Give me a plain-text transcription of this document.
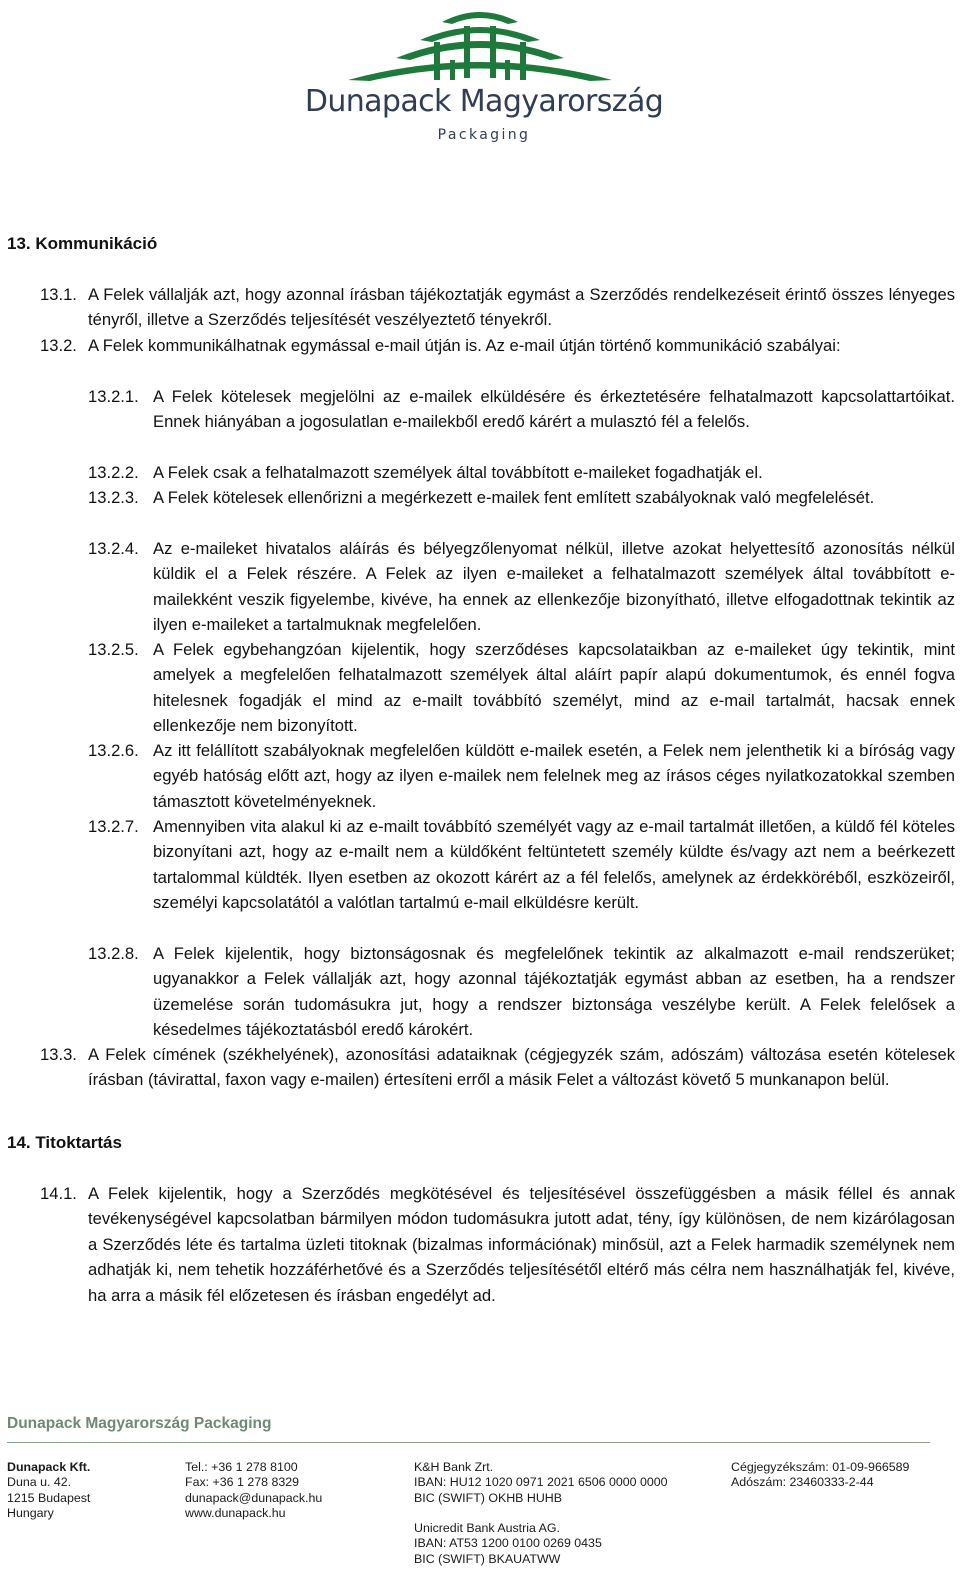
Dunapack Magyarország
Packaging
13. Kommunikáció
13.1. A Felek vállalják azt, hogy azonnal írásban tájékoztatják egymást a Szerződés rendelkezéseit érintő összes lényeges tényről, illetve a Szerződés teljesítését veszélyeztető tényekről.
13.2. A Felek kommunikálhatnak egymással e-mail útján is. Az e-mail útján történő kommunikáció szabályai:
13.2.1. A Felek kötelesek megjelölni az e-mailek elküldésére és érkeztetésére felhatalmazott kapcsolattartóikat. Ennek hiányában a jogosulatlan e-mailekből eredő kárért a mulasztó fél a felelős.
13.2.2. A Felek csak a felhatalmazott személyek által továbbított e-maileket fogadhatják el.
13.2.3. A Felek kötelesek ellenőrizni a megérkezett e-mailek fent említett szabályoknak való megfelelését.
13.2.4. Az e-maileket hivatalos aláírás és bélyegzőlenyomat nélkül, illetve azokat helyettesítő azonosítás nélkül küldik el a Felek részére. A Felek az ilyen e-maileket a felhatalmazott személyek által továbbított e-mailekként veszik figyelembe, kivéve, ha ennek az ellenkezője bizonyítható, illetve elfogadottnak tekintik az ilyen e-maileket a tartalmuknak megfelelően.
13.2.5. A Felek egybehangzóan kijelentik, hogy szerződéses kapcsolataikban az e-maileket úgy tekintik, mint amelyek a megfelelően felhatalmazott személyek által aláírt papír alapú dokumentumok, és ennél fogva hitelesnek fogadják el mind az e-mailt továbbító személyt, mind az e-mail tartalmát, hacsak ennek ellenkezője nem bizonyított.
13.2.6. Az itt felállított szabályoknak megfelelően küldött e-mailek esetén, a Felek nem jelenthetik ki a bíróság vagy egyéb hatóság előtt azt, hogy az ilyen e-mailek nem felelnek meg az írásos céges nyilatkozatokkal szemben támasztott követelményeknek.
13.2.7. Amennyiben vita alakul ki az e-mailt továbbító személyét vagy az e-mail tartalmát illetően, a küldő fél köteles bizonyítani azt, hogy az e-mailt nem a küldőként feltüntetett személy küldte és/vagy azt nem a beérkezett tartalommal küldték. Ilyen esetben az okozott kárért az a fél felelős, amelynek az érdekköréből, eszközeiről, személyi kapcsolatától a valótlan tartalmú e-mail elküldésre került.
13.2.8. A Felek kijelentik, hogy biztonságosnak és megfelelőnek tekintik az alkalmazott e-mail rendszerüket; ugyanakkor a Felek vállalják azt, hogy azonnal tájékoztatják egymást abban az esetben, ha a rendszer üzemelése során tudomásukra jut, hogy a rendszer biztonsága veszélybe került. A Felek felelősek a késedelmes tájékoztatásból eredő károkért.
13.3. A Felek címének (székhelyének), azonosítási adataiknak (cégjegyzék szám, adószám) változása esetén kötelesek írásban (távirattal, faxon vagy e-mailen) értesíteni erről a másik Felet a változást követő 5 munkanapon belül.
14. Titoktartás
14.1. A Felek kijelentik, hogy a Szerződés megkötésével és teljesítésével összefüggésben a másik féllel és annak tevékenységével kapcsolatban bármilyen módon tudomásukra jutott adat, tény, így különösen, de nem kizárólagosan a Szerződés léte és tartalma üzleti titoknak (bizalmas információnak) minősül, azt a Felek harmadik személynek nem adhatják ki, nem tehetik hozzáférhetővé és a Szerződés teljesítésétől eltérő más célra nem használhatják fel, kivéve, ha arra a másik fél előzetesen és írásban engedélyt ad.
Dunapack Magyarország Packaging
Dunapack Kft.
Duna u. 42.
1215 Budapest
Hungary
Tel.: +36 1 278 8100
Fax: +36 1 278 8329
dunapack@dunapack.hu
www.dunapack.hu
K&H Bank Zrt.
IBAN: HU12 1020 0971 2021 6506 0000 0000
BIC (SWIFT) OKHB HUHB
Unicredit Bank Austria AG.
IBAN: AT53 1200 0100 0269 0435
BIC (SWIFT) BKAUATWW
Cégjegyzékszám: 01-09-966589
Adószám: 23460333-2-44
